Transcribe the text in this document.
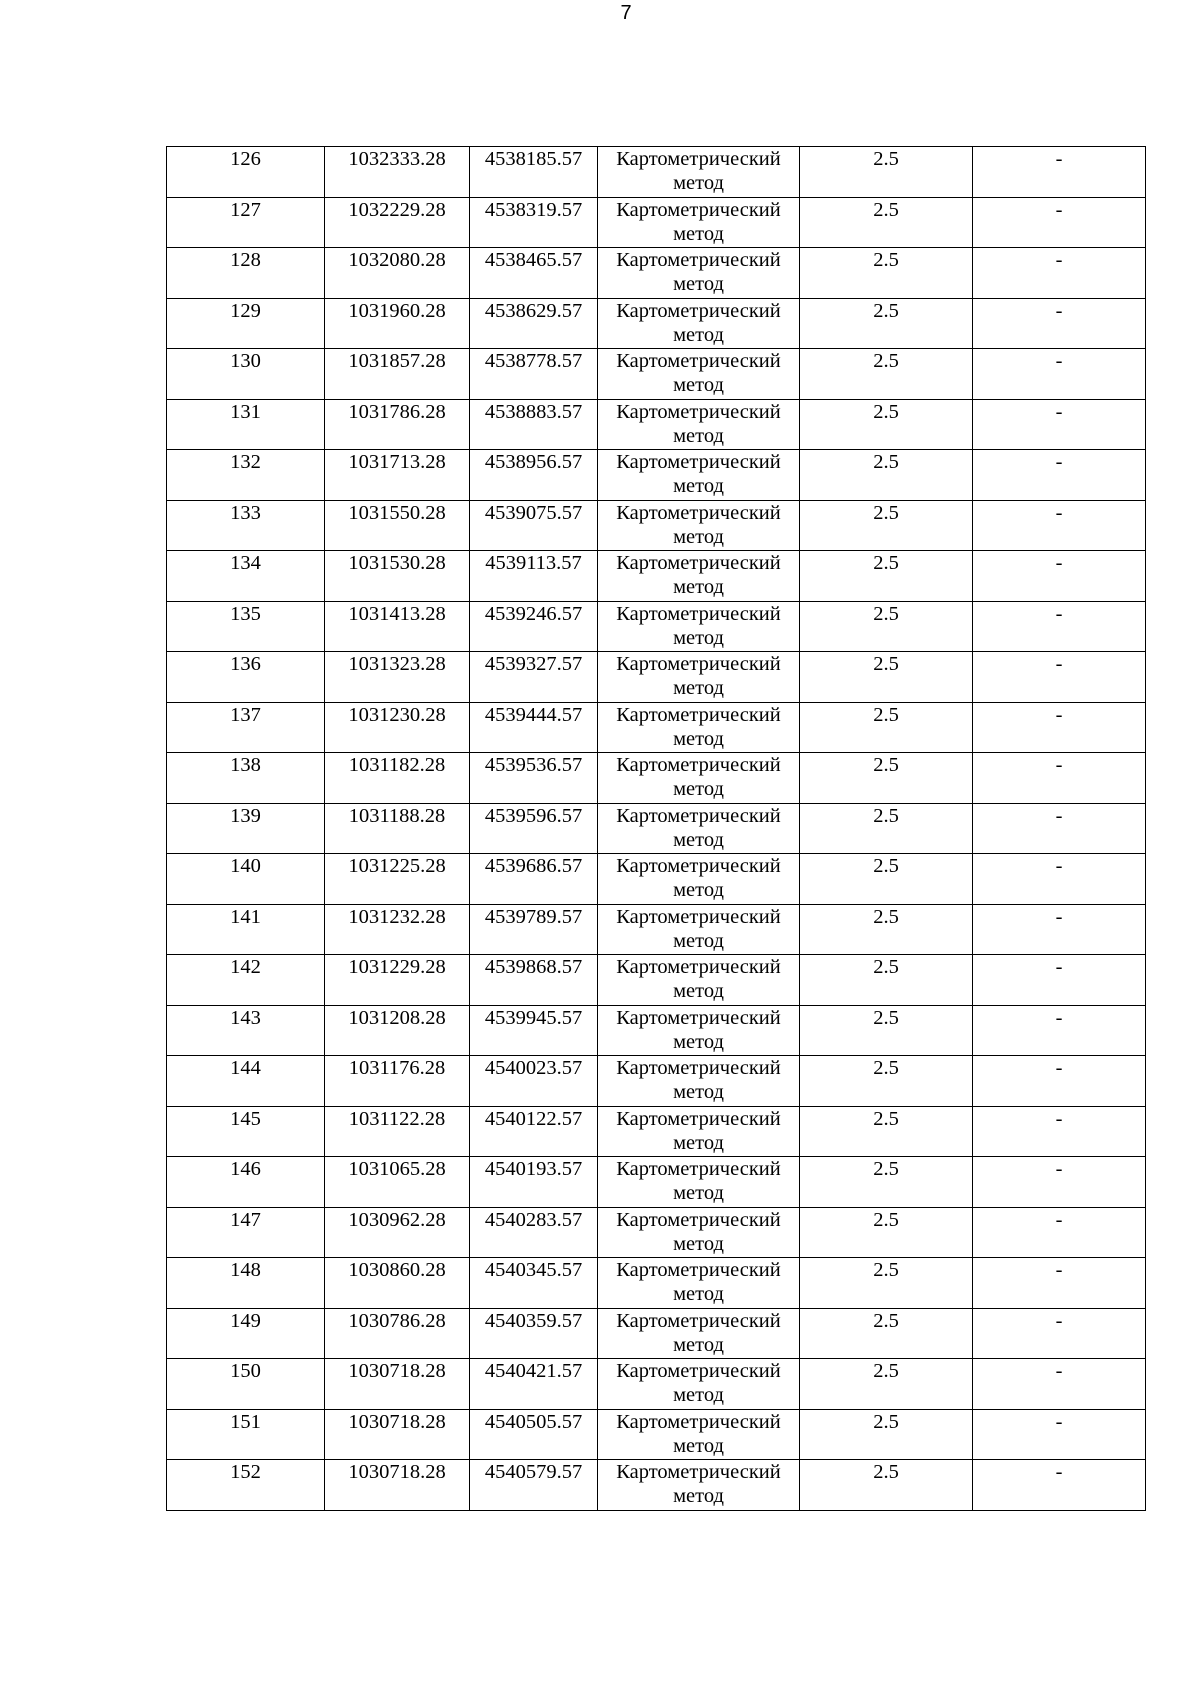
7
126	1032333.28	4538185.57	Картометрический
метод	2.5	-
127	1032229.28	4538319.57	Картометрический
метод	2.5	-
128	1032080.28	4538465.57	Картометрический
метод	2.5	-
129	1031960.28	4538629.57	Картометрический
метод	2.5	-
130	1031857.28	4538778.57	Картометрический
метод	2.5	-
131	1031786.28	4538883.57	Картометрический
метод	2.5	-
132	1031713.28	4538956.57	Картометрический
метод	2.5	-
133	1031550.28	4539075.57	Картометрический
метод	2.5	-
134	1031530.28	4539113.57	Картометрический
метод	2.5	-
135	1031413.28	4539246.57	Картометрический
метод	2.5	-
136	1031323.28	4539327.57	Картометрический
метод	2.5	-
137	1031230.28	4539444.57	Картометрический
метод	2.5	-
138	1031182.28	4539536.57	Картометрический
метод	2.5	-
139	1031188.28	4539596.57	Картометрический
метод	2.5	-
140	1031225.28	4539686.57	Картометрический
метод	2.5	-
141	1031232.28	4539789.57	Картометрический
метод	2.5	-
142	1031229.28	4539868.57	Картометрический
метод	2.5	-
143	1031208.28	4539945.57	Картометрический
метод	2.5	-
144	1031176.28	4540023.57	Картометрический
метод	2.5	-
145	1031122.28	4540122.57	Картометрический
метод	2.5	-
146	1031065.28	4540193.57	Картометрический
метод	2.5	-
147	1030962.28	4540283.57	Картометрический
метод	2.5	-
148	1030860.28	4540345.57	Картометрический
метод	2.5	-
149	1030786.28	4540359.57	Картометрический
метод	2.5	-
150	1030718.28	4540421.57	Картометрический
метод	2.5	-
151	1030718.28	4540505.57	Картометрический
метод	2.5	-
152	1030718.28	4540579.57	Картометрический
метод	2.5	-
